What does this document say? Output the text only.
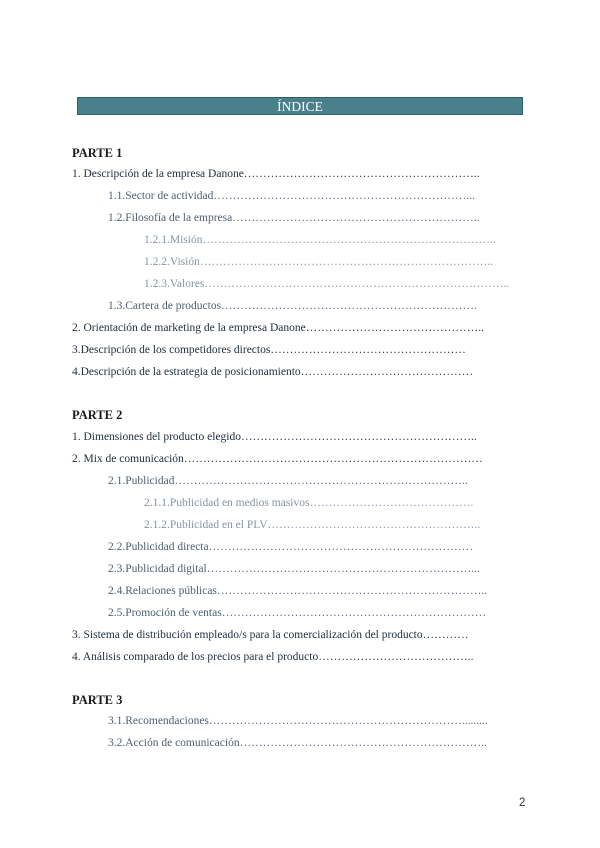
ÍNDICE
PARTE 1
1. Descripción de la empresa Danone ……………………………………………………..
1.1.Sector de actividad …………………………………………………………...
1.2.Filosofía de la empresa ………………………………………………………..
1.2.1.Misión …………………………………………………………………..
1.2.2.Visión …………………………………………………………………..
1.2.3.Valores ……………………………………………………………………..
1.3.Cartera de productos ………………………………………………………….
2. Orientación de marketing de la empresa Danone ………………………………………..
3.Descripción de los competidores directos ……………………………………………
4.Descripción de la estrategia de posicionamiento ………………………………………
PARTE 2
1. Dimensiones del producto elegido ……………………………………………………..
2. Mix de comunicación ……………………………………………………………………
2.1.Publicidad …………………………………………………………………..
2.1.1.Publicidad en medios masivos …………………………………….
2.1.2.Publicidad en el PLV ………………………………………………..
2.2.Publicidad directa ……………………………………………………………
2.3.Publicidad digital ……………………………………………………………...
2.4.Relaciones públicas ……………………………………………………………..
2.5.Promoción de ventas ……………………………………………………………
3. Sistema de distribución empleado/s para la comercialización del producto …………
4. Análisis comparado de los precios para el producto …………………………………..
PARTE 3
3.1.Recomendaciones ………………………………………………………….........
3.2.Acción de comunicación ………………………………………………………..
2
